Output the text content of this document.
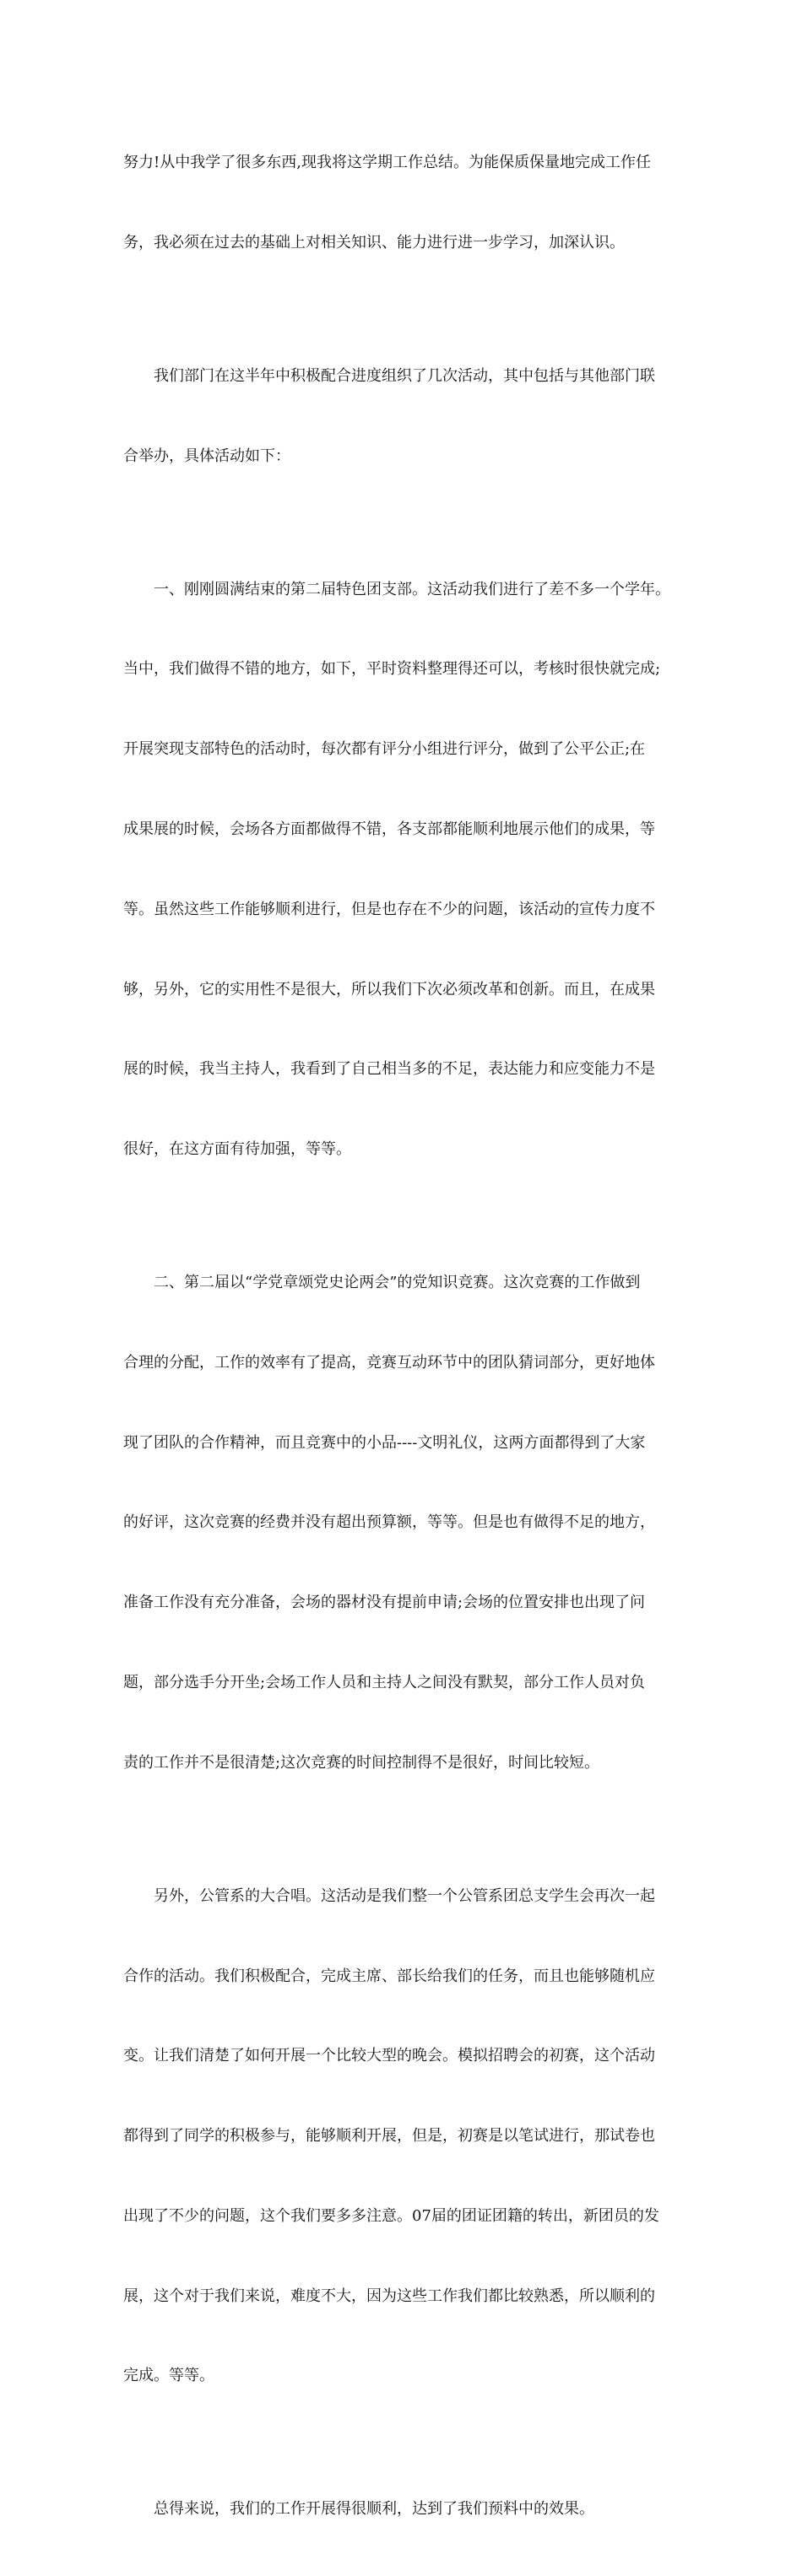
努力!从中我学了很多东西,现我将这学期工作总结。为能保质保量地完成工作任

务，我必须在过去的基础上对相关知识、能力进行进一步学习，加深认识。

　　我们部门在这半年中积极配合进度组织了几次活动，其中包括与其他部门联

合举办，具体活动如下：

　　一、刚刚圆满结束的第二届特色团支部。这活动我们进行了差不多一个学年。

当中，我们做得不错的地方，如下，平时资料整理得还可以，考核时很快就完成;

开展突现支部特色的活动时，每次都有评分小组进行评分，做到了公平公正;在

成果展的时候，会场各方面都做得不错，各支部都能顺利地展示他们的成果，等

等。虽然这些工作能够顺利进行，但是也存在不少的问题，该活动的宣传力度不

够，另外，它的实用性不是很大，所以我们下次必须改革和创新。而且，在成果

展的时候，我当主持人，我看到了自己相当多的不足，表达能力和应变能力不是

很好，在这方面有待加强，等等。

　　二、第二届以“学党章颂党史论两会”的党知识竞赛。这次竞赛的工作做到

合理的分配，工作的效率有了提高，竞赛互动环节中的团队猜词部分，更好地体

现了团队的合作精神，而且竞赛中的小品----文明礼仪，这两方面都得到了大家

的好评，这次竞赛的经费并没有超出预算额，等等。但是也有做得不足的地方，

准备工作没有充分准备，会场的器材没有提前申请;会场的位置安排也出现了问

题，部分选手分开坐;会场工作人员和主持人之间没有默契，部分工作人员对负

责的工作并不是很清楚;这次竞赛的时间控制得不是很好，时间比较短。

　　另外，公管系的大合唱。这活动是我们整一个公管系团总支学生会再次一起

合作的活动。我们积极配合，完成主席、部长给我们的任务，而且也能够随机应

变。让我们清楚了如何开展一个比较大型的晚会。模拟招聘会的初赛，这个活动

都得到了同学的积极参与，能够顺利开展，但是，初赛是以笔试进行，那试卷也

出现了不少的问题，这个我们要多多注意。07届的团证团籍的转出，新团员的发

展，这个对于我们来说，难度不大，因为这些工作我们都比较熟悉，所以顺利的

完成。等等。

　　总得来说，我们的工作开展得很顺利，达到了我们预料中的效果。
